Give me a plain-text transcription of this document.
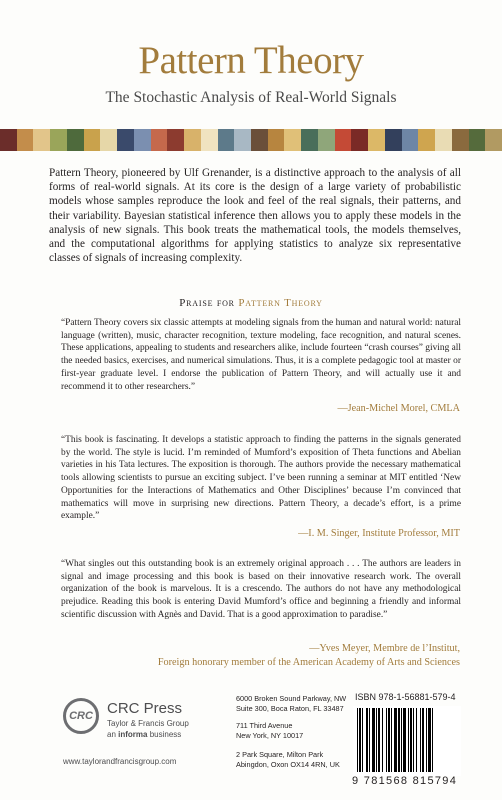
Pattern Theory
The Stochastic Analysis of Real-World Signals
Pattern Theory, pioneered by Ulf Grenander, is a distinctive approach to the analysis of all forms of real-world signals. At its core is the design of a large variety of probabilistic models whose samples reproduce the look and feel of the real signals, their patterns, and their variability. Bayesian statistical inference then allows you to apply these models in the analysis of new signals. This book treats the mathematical tools, the models themselves, and the computational algorithms for applying statistics to analyze six representative classes of signals of increasing complexity.
Praise for Pattern Theory
“Pattern Theory covers six classic attempts at modeling signals from the human and natural world: natural language (written), music, character recognition, texture modeling, face recognition, and natural scenes. These applications, appealing to students and researchers alike, include fourteen “crash courses” giving all the needed basics, exercises, and numerical simulations. Thus, it is a complete pedagogic tool at master or first-year graduate level. I endorse the publication of Pattern Theory, and will actually use it and recommend it to other researchers.”
—Jean-Michel Morel, CMLA
“This book is fascinating. It develops a statistic approach to finding the patterns in the signals generated by the world. The style is lucid. I’m reminded of Mumford’s exposition of Theta functions and Abelian varieties in his Tata lectures. The exposition is thorough. The authors provide the necessary mathematical tools allowing scientists to pursue an exciting subject. I’ve been running a seminar at MIT entitled ‘New Opportunities for the Interactions of Mathematics and Other Disciplines’ because I’m convinced that mathematics will move in surprising new directions. Pattern Theory, a decade’s effort, is a prime example.”
—I. M. Singer, Institute Professor, MIT
“What singles out this outstanding book is an extremely original approach . . . The authors are leaders in signal and image processing and this book is based on their innovative research work. The overall organization of the book is marvelous. It is a crescendo. The authors do not have any methodological prejudice. Reading this book is entering David Mumford’s office and beginning a friendly and informal scientific discussion with Agnès and David. That is a good approximation to paradise.”
—Yves Meyer, Membre de l’Institut,
Foreign honorary member of the American Academy of Arts and Sciences
CRC CRC Press
Taylor & Francis Group
an informa business
www.taylorandfrancisgroup.com
6000 Broken Sound Parkway, NW
Suite 300, Boca Raton, FL 33487
711 Third Avenue
New York, NY 10017
2 Park Square, Milton Park
Abingdon, Oxon OX14 4RN, UK
ISBN 978-1-56881-579-4
9 781568 815794
